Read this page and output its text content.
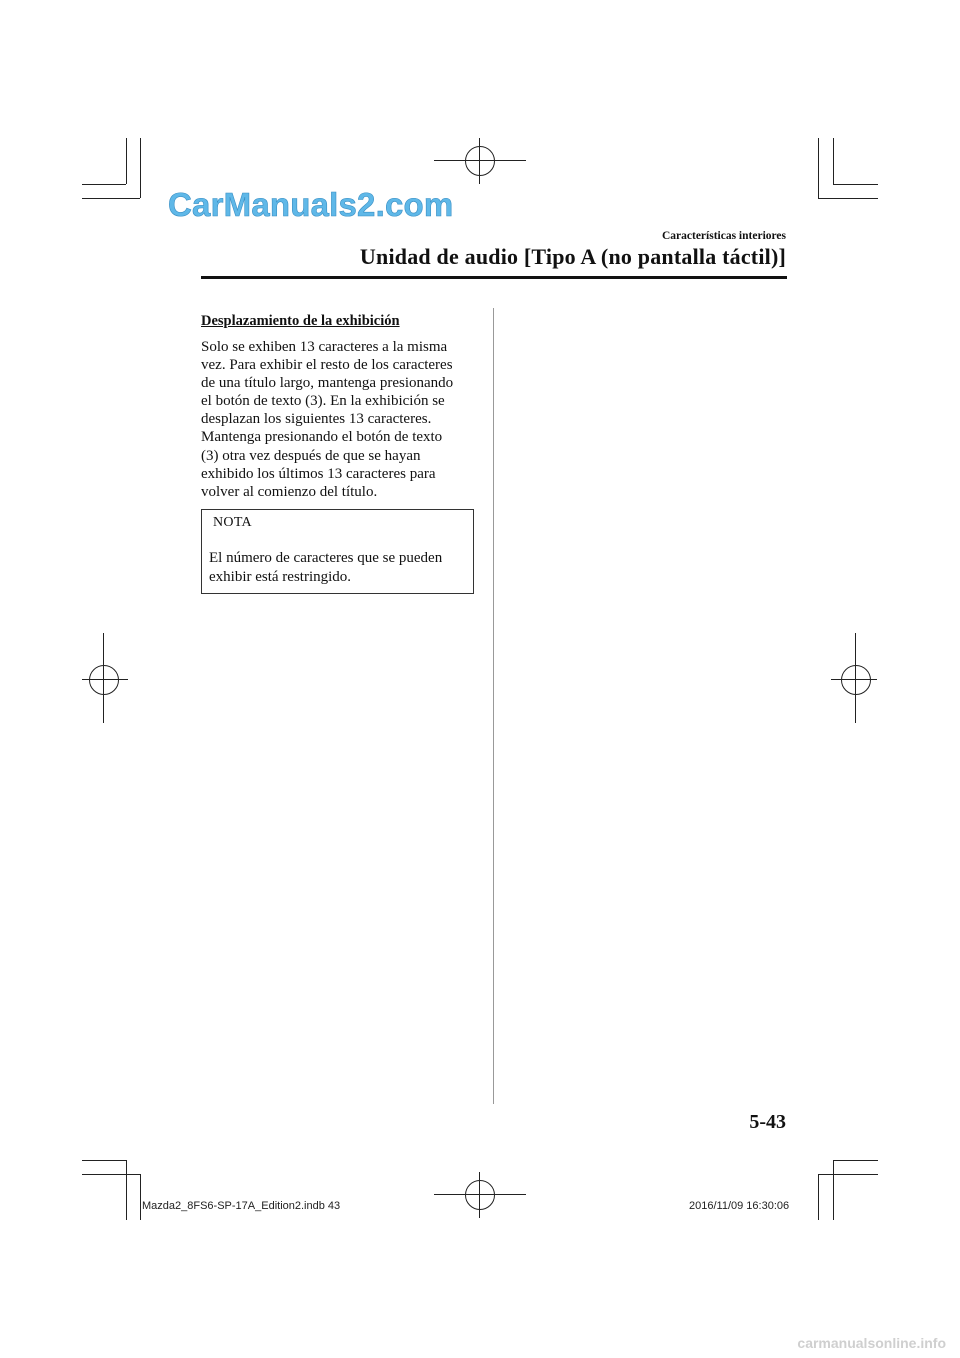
CarManuals2.com
Características interiores
Unidad de audio [Tipo A (no pantalla táctil)]
Desplazamiento de la exhibición
Solo se exhiben 13 caracteres a la misma
vez. Para exhibir el resto de los caracteres
de una título largo, mantenga presionando
el botón de texto (3). En la exhibición se
desplazan los siguientes 13 caracteres.
Mantenga presionando el botón de texto
(3) otra vez después de que se hayan
exhibido los últimos 13 caracteres para
volver al comienzo del título.
NOTA
El número de caracteres que se pueden
exhibir está restringido.
5-43
Mazda2_8FS6-SP-17A_Edition2.indb 43	2016/11/09 16:30:06
carmanualsonline.info
